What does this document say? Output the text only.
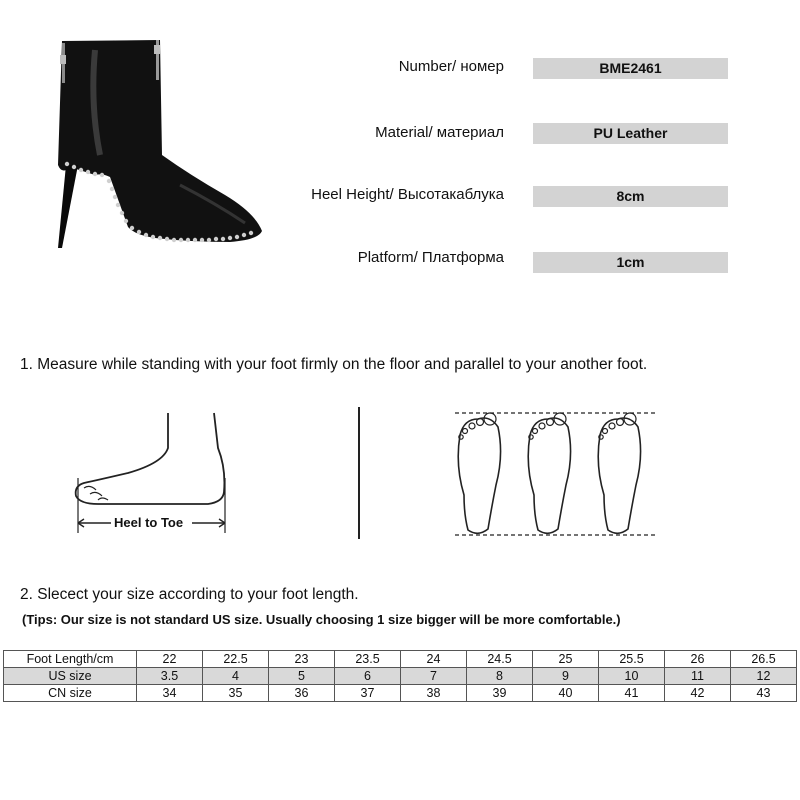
Number/ номер	BME2461
Material/ материал	PU Leather
Heel Height/ Высотакаблука	8cm
Platform/ Платформа	1cm
1. Measure while standing with your foot firmly on the floor and parallel to your another foot.
Heel to Toe
2. Slecect your size according to your foot length.
(Tips: Our size is not standard US size. Usually choosing 1 size bigger will be more comfortable.)
Foot Length/cm	22	22.5	23	23.5	24	24.5	25	25.5	26	26.5
US size	3.5	4	5	6	7	8	9	10	11	12
CN size	34	35	36	37	38	39	40	41	42	43
